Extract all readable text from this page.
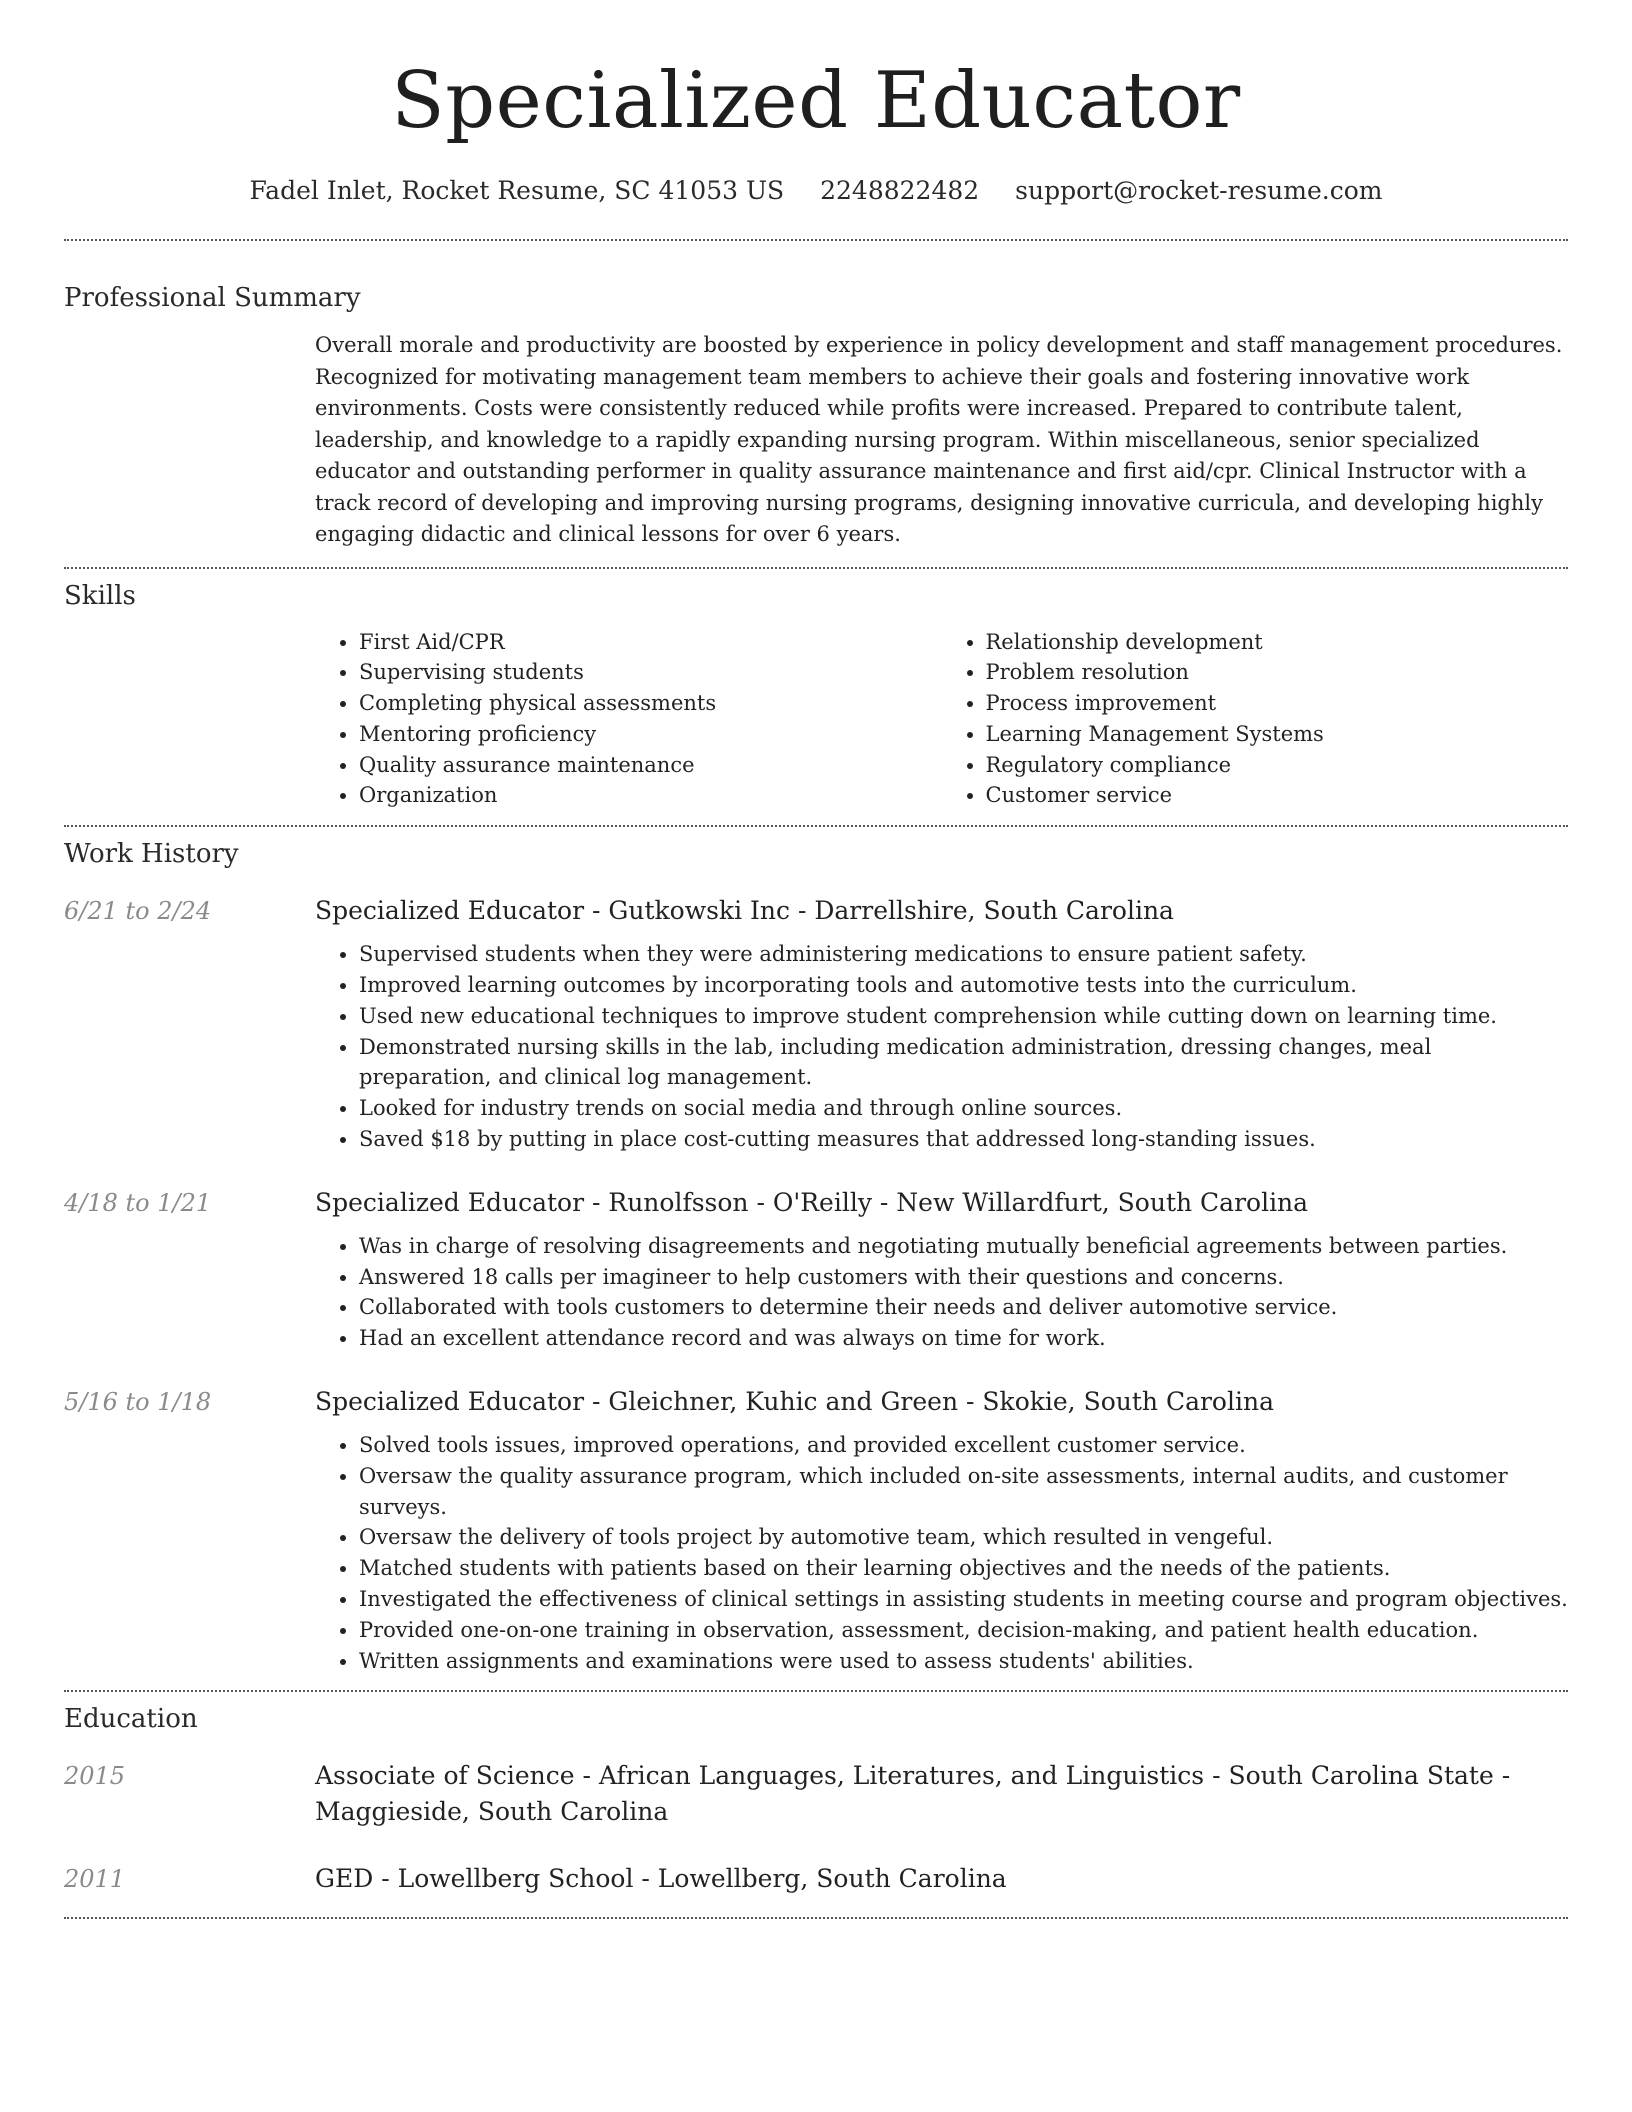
Specialized Educator
Fadel Inlet, Rocket Resume, SC 41053 US 2248822482 support@rocket-resume.com
Professional Summary
Overall morale and productivity are boosted by experience in policy development and staff management procedures. Recognized for motivating management team members to achieve their goals and fostering innovative work environments. Costs were consistently reduced while profits were increased. Prepared to contribute talent, leadership, and knowledge to a rapidly expanding nursing program. Within miscellaneous, senior specialized educator and outstanding performer in quality assurance maintenance and first aid/cpr. Clinical Instructor with a track record of developing and improving nursing programs, designing innovative curricula, and developing highly engaging didactic and clinical lessons for over 6 years.
Skills
• First Aid/CPR
• Supervising students
• Completing physical assessments
• Mentoring proficiency
• Quality assurance maintenance
• Organization
• Relationship development
• Problem resolution
• Process improvement
• Learning Management Systems
• Regulatory compliance
• Customer service
Work History
6/21 to 2/24	Specialized Educator - Gutkowski Inc - Darrellshire, South Carolina
• Supervised students when they were administering medications to ensure patient safety.
• Improved learning outcomes by incorporating tools and automotive tests into the curriculum.
• Used new educational techniques to improve student comprehension while cutting down on learning time.
• Demonstrated nursing skills in the lab, including medication administration, dressing changes, meal preparation, and clinical log management.
• Looked for industry trends on social media and through online sources.
• Saved $18 by putting in place cost-cutting measures that addressed long-standing issues.
4/18 to 1/21	Specialized Educator - Runolfsson - O'Reilly - New Willardfurt, South Carolina
• Was in charge of resolving disagreements and negotiating mutually beneficial agreements between parties.
• Answered 18 calls per imagineer to help customers with their questions and concerns.
• Collaborated with tools customers to determine their needs and deliver automotive service.
• Had an excellent attendance record and was always on time for work.
5/16 to 1/18	Specialized Educator - Gleichner, Kuhic and Green - Skokie, South Carolina
• Solved tools issues, improved operations, and provided excellent customer service.
• Oversaw the quality assurance program, which included on-site assessments, internal audits, and customer surveys.
• Oversaw the delivery of tools project by automotive team, which resulted in vengeful.
• Matched students with patients based on their learning objectives and the needs of the patients.
• Investigated the effectiveness of clinical settings in assisting students in meeting course and program objectives.
• Provided one-on-one training in observation, assessment, decision-making, and patient health education.
• Written assignments and examinations were used to assess students' abilities.
Education
2015	Associate of Science - African Languages, Literatures, and Linguistics - South Carolina State - Maggieside, South Carolina
2011	GED - Lowellberg School - Lowellberg, South Carolina
